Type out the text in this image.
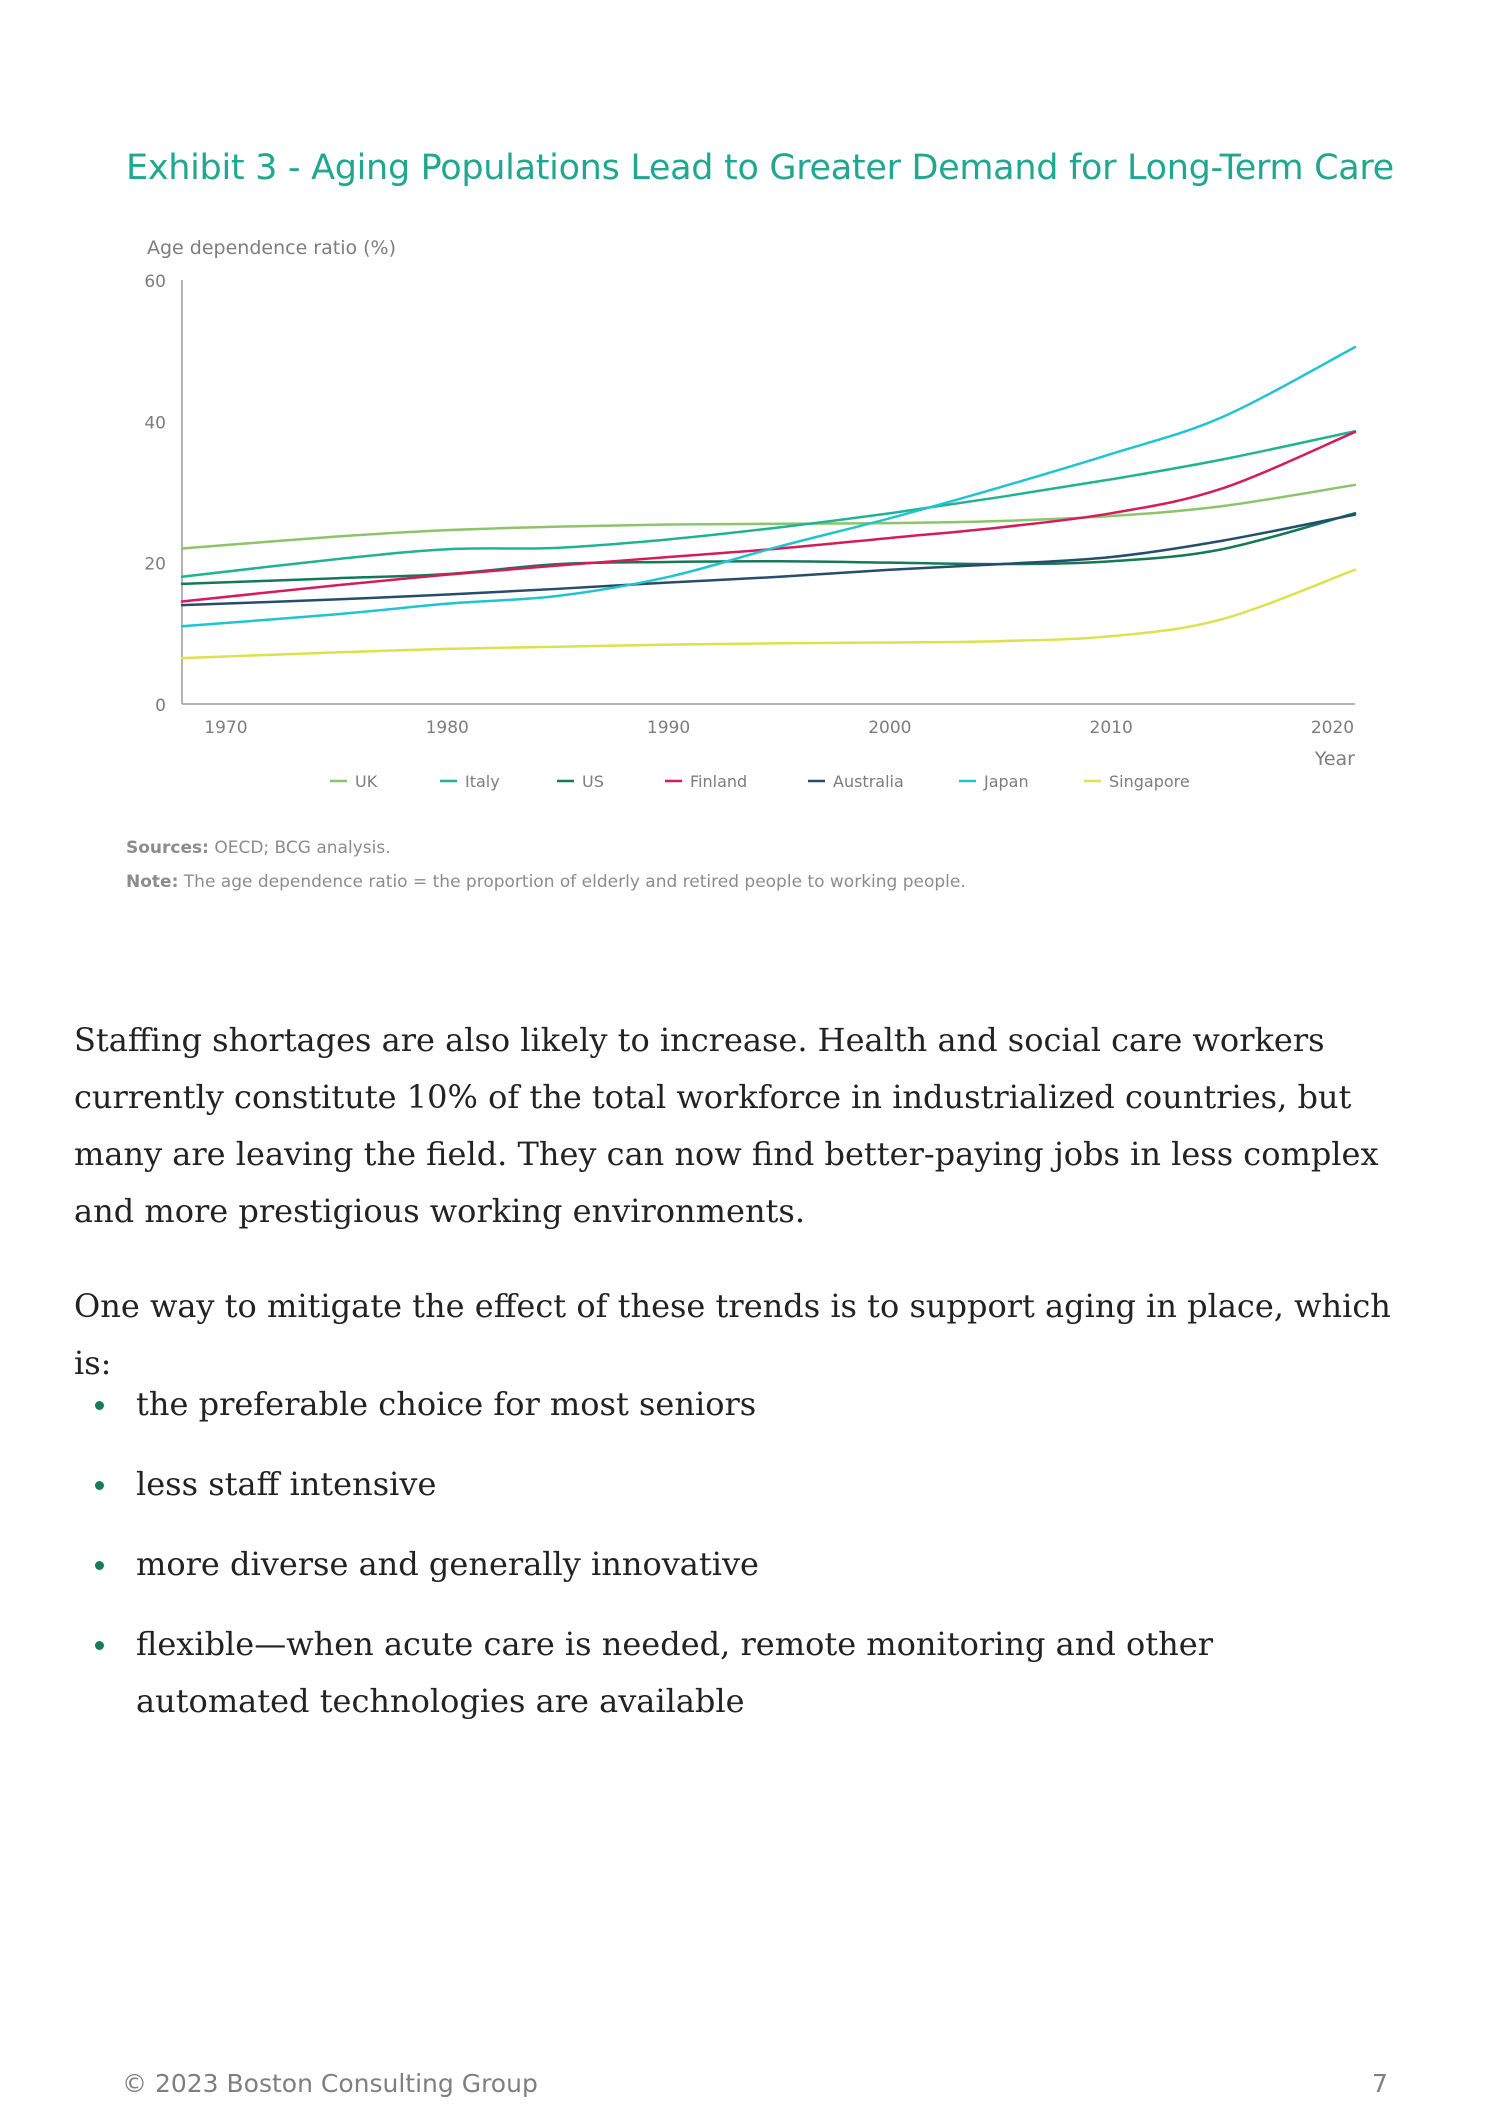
Exhibit 3 - Aging Populations Lead to Greater Demand for Long-Term Care
Age dependence ratio (%)
0
20
40
60
1970	1980	1990	2000	2010	2020
Year
UK	Italy	US	Finland	Australia	Japan	Singapore
Sources: OECD; BCG analysis.
Note: The age dependence ratio = the proportion of elderly and retired people to working people.

Staffing shortages are also likely to increase. Health and social care workers currently constitute 10% of the total workforce in industrialized countries, but many are leaving the field. They can now find better-paying jobs in less complex and more prestigious working environments.

One way to mitigate the effect of these trends is to support aging in place, which is:

the preferable choice for most seniors
less staff intensive
more diverse and generally innovative
flexible—when acute care is needed, remote monitoring and other automated technologies are available
© 2023 Boston Consulting Group	7
